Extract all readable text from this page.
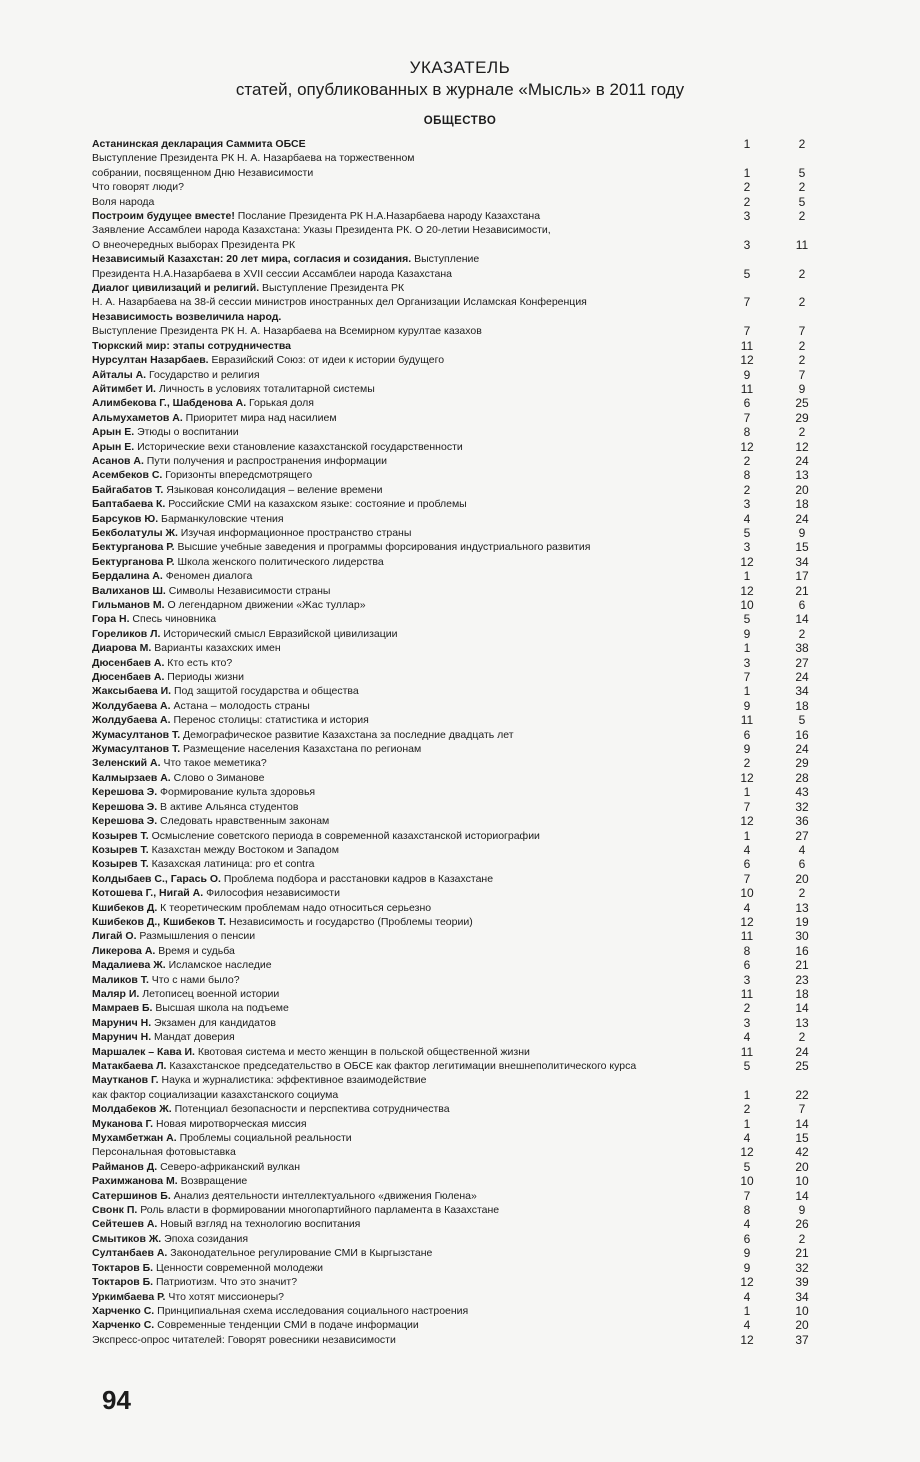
УКАЗАТЕЛЬ
статей, опубликованных в журнале «Мысль» в 2011 году
ОБЩЕСТВО
Астанинская декларация Саммита ОБСЕ	1	2
Выступление Президента РК Н. А. Назарбаева на торжественном
собрании, посвященном Дню Независимости	1	5
Что говорят люди?	2	2
Воля народа	2	5
Построим будущее вместе! Послание Президента РК Н.А.Назарбаева народу Казахстана	3	2
Заявление Ассамблеи народа Казахстана: Указы Президента РК. О 20-летии Независимости,
О внеочередных выборах Президента РК	3	11
Независимый Казахстан: 20 лет мира, согласия и созидания. Выступление
Президента Н.А.Назарбаева в XVII сессии Ассамблеи народа Казахстана	5	2
Диалог цивилизаций и религий. Выступление Президента РК
Н. А. Назарбаева на 38-й сессии министров иностранных дел Организации Исламская Конференция	7	2
Независимость возвеличила народ.
Выступление Президента РК Н. А. Назарбаева на Всемирном курултае казахов	7	7
Тюркский мир: этапы сотрудничества	11	2
Нурсултан Назарбаев. Евразийский Союз: от идеи к истории будущего	12	2
Айталы А. Государство и религия	9	7
Айтимбет И. Личность в условиях тоталитарной системы	11	9
Алимбекова Г., Шабденова А. Горькая доля	6	25
Альмухаметов А. Приоритет мира над насилием	7	29
Арын Е. Этюды о воспитании	8	2
Арын Е. Исторические вехи становление казахстанской государственности	12	12
Асанов А. Пути получения и распространения информации	2	24
Асембеков С. Горизонты впередсмотрящего	8	13
Байгабатов Т. Языковая консолидация – веление времени	2	20
Баптабаева К. Российские СМИ на казахском языке: состояние и проблемы	3	18
Барсуков Ю. Барманкуловские чтения	4	24
Бекболатулы Ж. Изучая информационное пространство страны	5	9
Бектурганова Р. Высшие учебные заведения и программы форсирования индустриального развития	3	15
Бектурганова Р. Школа женского политического лидерства	12	34
Бердалина А. Феномен диалога	1	17
Валиханов Ш. Символы Независимости страны	12	21
Гильманов М. О легендарном движении «Жас туллар»	10	6
Гора Н. Спесь чиновника	5	14
Гореликов Л. Исторический смысл Евразийской цивилизации	9	2
Диарова М. Варианты казахских имен	1	38
Дюсенбаев А. Кто есть кто?	3	27
Дюсенбаев А. Периоды жизни	7	24
Жаксыбаева И. Под защитой государства и общества	1	34
Жолдубаева А. Астана – молодость страны	9	18
Жолдубаева А. Перенос столицы: статистика и история	11	5
Жумасултанов Т. Демографическое развитие Казахстана за последние двадцать лет	6	16
Жумасултанов Т. Размещение населения Казахстана по регионам	9	24
Зеленский А. Что такое меметика?	2	29
Калмырзаев А. Слово о Зиманове	12	28
Керешова Э. Формирование культа здоровья	1	43
Керешова Э. В активе Альянса студентов	7	32
Керешова Э. Следовать нравственным законам	12	36
Козырев Т. Осмысление советского периода в современной казахстанской историографии	1	27
Козырев Т. Казахстан между Востоком и Западом	4	4
Козырев Т. Казахская латиница: pro et contra	6	6
Колдыбаев С., Гарась О. Проблема подбора и расстановки кадров в Казахстане	7	20
Котошева Г., Нигай А. Философия независимости	10	2
Кшибеков Д. К теоретическим проблемам надо относиться серьезно	4	13
Кшибеков Д., Кшибеков Т. Независимость и государство (Проблемы теории)	12	19
Лигай О. Размышления о пенсии	11	30
Ликерова А. Время и судьба	8	16
Мадалиева Ж. Исламское наследие	6	21
Маликов Т. Что с нами было?	3	23
Маляр И. Летописец военной истории	11	18
Мамраев Б. Высшая школа на подъеме	2	14
Марунич Н. Экзамен для кандидатов	3	13
Марунич Н. Мандат доверия	4	2
Маршалек – Кава И. Квотовая система и место женщин в польской общественной жизни	11	24
Матакбаева Л. Казахстанское председательство в ОБСЕ как фактор легитимации внешнеполитического курса	5	25
Маутканов Г. Наука и журналистика: эффективное взаимодействие
как фактор социализации казахстанского социума	1	22
Молдабеков Ж. Потенциал безопасности и перспектива сотрудничества	2	7
Муканова Г. Новая миротворческая миссия	1	14
Мухамбетжан А. Проблемы социальной реальности	4	15
Персональная фотовыставка	12	42
Райманов Д. Северо-африканский вулкан	5	20
Рахимжанова М. Возвращение	10	10
Сатершинов Б. Анализ деятельности интеллектуального «движения Гюлена»	7	14
Свонк П. Роль власти в формировании многопартийного парламента в Казахстане	8	9
Сейтешев А. Новый взгляд на технологию воспитания	4	26
Смытиков Ж. Эпоха созидания	6	2
Султанбаев А. Законодательное регулирование СМИ в Кыргызстане	9	21
Токтаров Б. Ценности современной молодежи	9	32
Токтаров Б. Патриотизм. Что это значит?	12	39
Уркимбаева Р. Что хотят миссионеры?	4	34
Харченко С. Принципиальная схема исследования социального настроения	1	10
Харченко С. Современные тенденции СМИ в подаче информации	4	20
Экспресс-опрос читателей: Говорят ровесники независимости	12	37
94
